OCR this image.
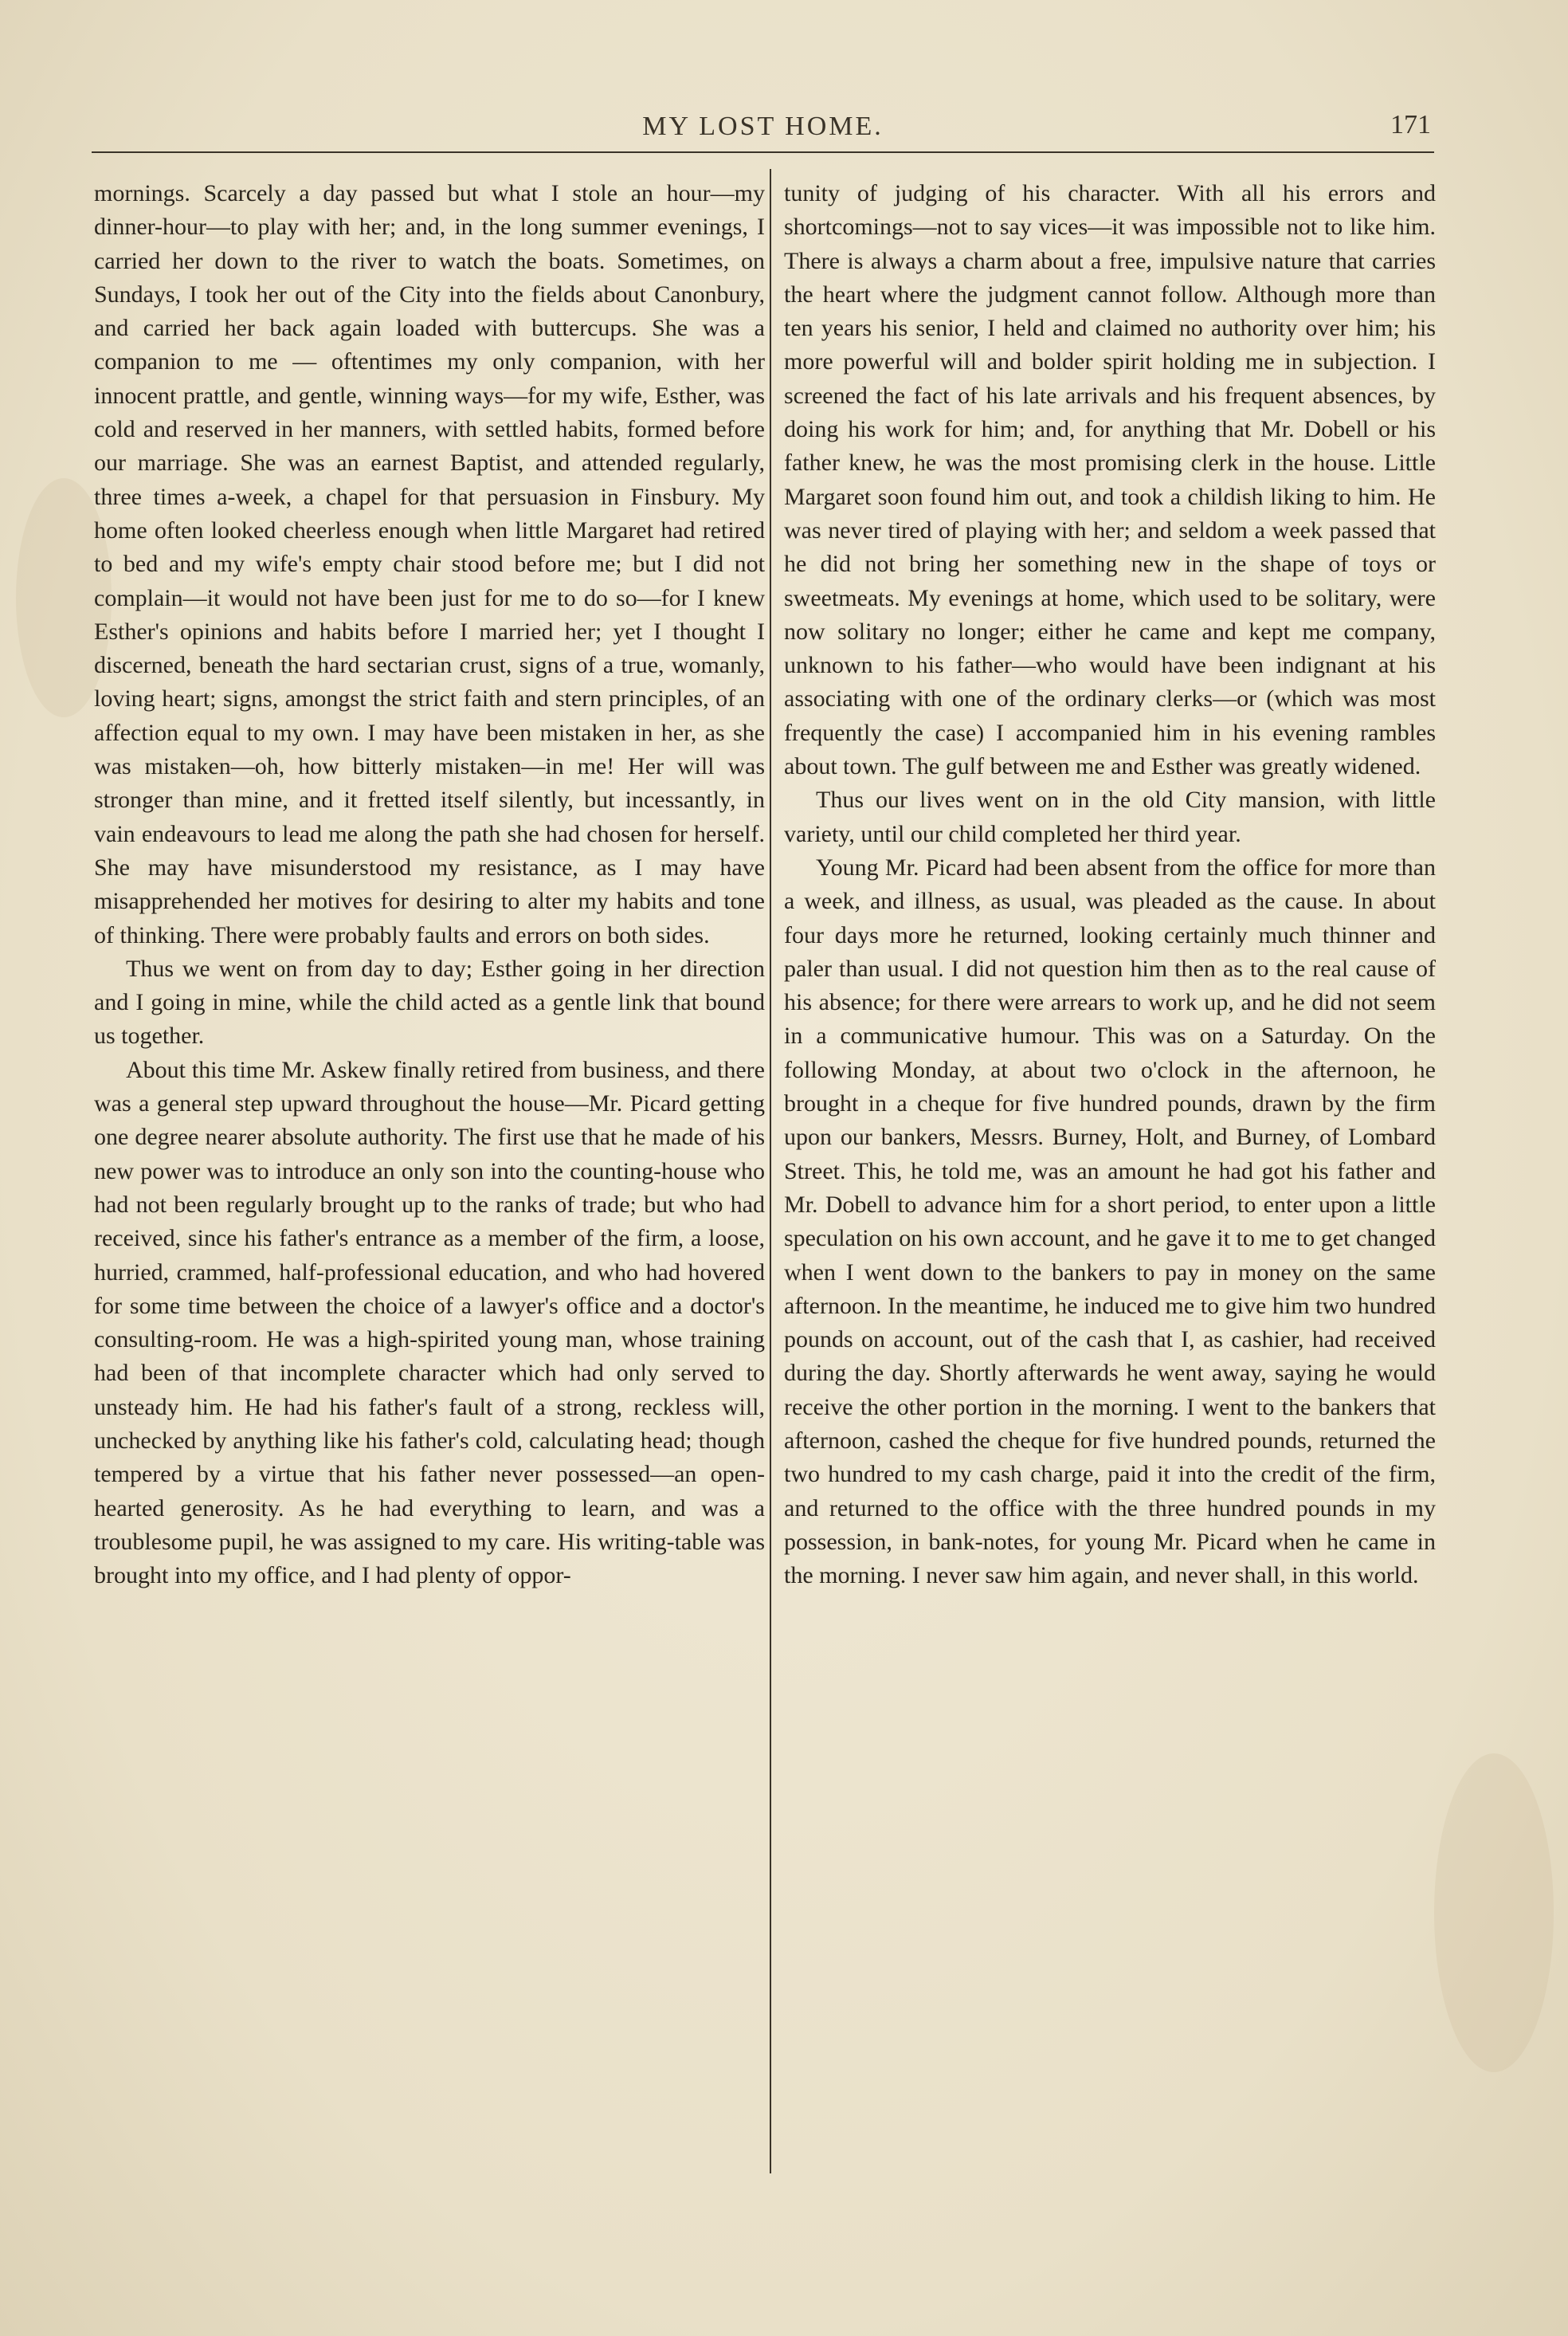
MY LOST HOME.	171

mornings. Scarcely a day passed but what I stole an hour—my dinner-hour—to play with her; and, in the long summer evenings, I carried her down to the river to watch the boats. Sometimes, on Sundays, I took her out of the City into the fields about Canonbury, and carried her back again loaded with buttercups. She was a companion to me — oftentimes my only companion, with her innocent prattle, and gentle, winning ways—for my wife, Esther, was cold and reserved in her manners, with settled habits, formed before our marriage. She was an earnest Baptist, and attended regularly, three times a-week, a chapel for that persuasion in Finsbury. My home often looked cheerless enough when little Margaret had retired to bed and my wife's empty chair stood before me; but I did not complain—it would not have been just for me to do so—for I knew Esther's opinions and habits before I married her; yet I thought I discerned, beneath the hard sectarian crust, signs of a true, womanly, loving heart; signs, amongst the strict faith and stern principles, of an affection equal to my own. I may have been mistaken in her, as she was mistaken—oh, how bitterly mistaken—in me! Her will was stronger than mine, and it fretted itself silently, but incessantly, in vain endeavours to lead me along the path she had chosen for herself. She may have misunderstood my resistance, as I may have misapprehended her motives for desiring to alter my habits and tone of thinking. There were probably faults and errors on both sides.

Thus we went on from day to day; Esther going in her direction and I going in mine, while the child acted as a gentle link that bound us together.

About this time Mr. Askew finally retired from business, and there was a general step upward throughout the house—Mr. Picard getting one degree nearer absolute authority. The first use that he made of his new power was to introduce an only son into the counting-house who had not been regularly brought up to the ranks of trade; but who had received, since his father's entrance as a member of the firm, a loose, hurried, crammed, half-professional education, and who had hovered for some time between the choice of a lawyer's office and a doctor's consulting-room. He was a high-spirited young man, whose training had been of that incomplete character which had only served to unsteady him. He had his father's fault of a strong, reckless will, unchecked by anything like his father's cold, calculating head; though tempered by a virtue that his father never possessed—an open-hearted generosity. As he had everything to learn, and was a troublesome pupil, he was assigned to my care. His writing-table was brought into my office, and I had plenty of oppor-

tunity of judging of his character. With all his errors and shortcomings—not to say vices—it was impossible not to like him. There is always a charm about a free, impulsive nature that carries the heart where the judgment cannot follow. Although more than ten years his senior, I held and claimed no authority over him; his more powerful will and bolder spirit holding me in subjection. I screened the fact of his late arrivals and his frequent absences, by doing his work for him; and, for anything that Mr. Dobell or his father knew, he was the most promising clerk in the house. Little Margaret soon found him out, and took a childish liking to him. He was never tired of playing with her; and seldom a week passed that he did not bring her something new in the shape of toys or sweetmeats. My evenings at home, which used to be solitary, were now solitary no longer; either he came and kept me company, unknown to his father—who would have been indignant at his associating with one of the ordinary clerks—or (which was most frequently the case) I accompanied him in his evening rambles about town. The gulf between me and Esther was greatly widened.

Thus our lives went on in the old City mansion, with little variety, until our child completed her third year.

Young Mr. Picard had been absent from the office for more than a week, and illness, as usual, was pleaded as the cause. In about four days more he returned, looking certainly much thinner and paler than usual. I did not question him then as to the real cause of his absence; for there were arrears to work up, and he did not seem in a communicative humour. This was on a Saturday. On the following Monday, at about two o'clock in the afternoon, he brought in a cheque for five hundred pounds, drawn by the firm upon our bankers, Messrs. Burney, Holt, and Burney, of Lombard Street. This, he told me, was an amount he had got his father and Mr. Dobell to advance him for a short period, to enter upon a little speculation on his own account, and he gave it to me to get changed when I went down to the bankers to pay in money on the same afternoon. In the meantime, he induced me to give him two hundred pounds on account, out of the cash that I, as cashier, had received during the day. Shortly afterwards he went away, saying he would receive the other portion in the morning. I went to the bankers that afternoon, cashed the cheque for five hundred pounds, returned the two hundred to my cash charge, paid it into the credit of the firm, and returned to the office with the three hundred pounds in my possession, in bank-notes, for young Mr. Picard when he came in the morning. I never saw him again, and never shall, in this world.
